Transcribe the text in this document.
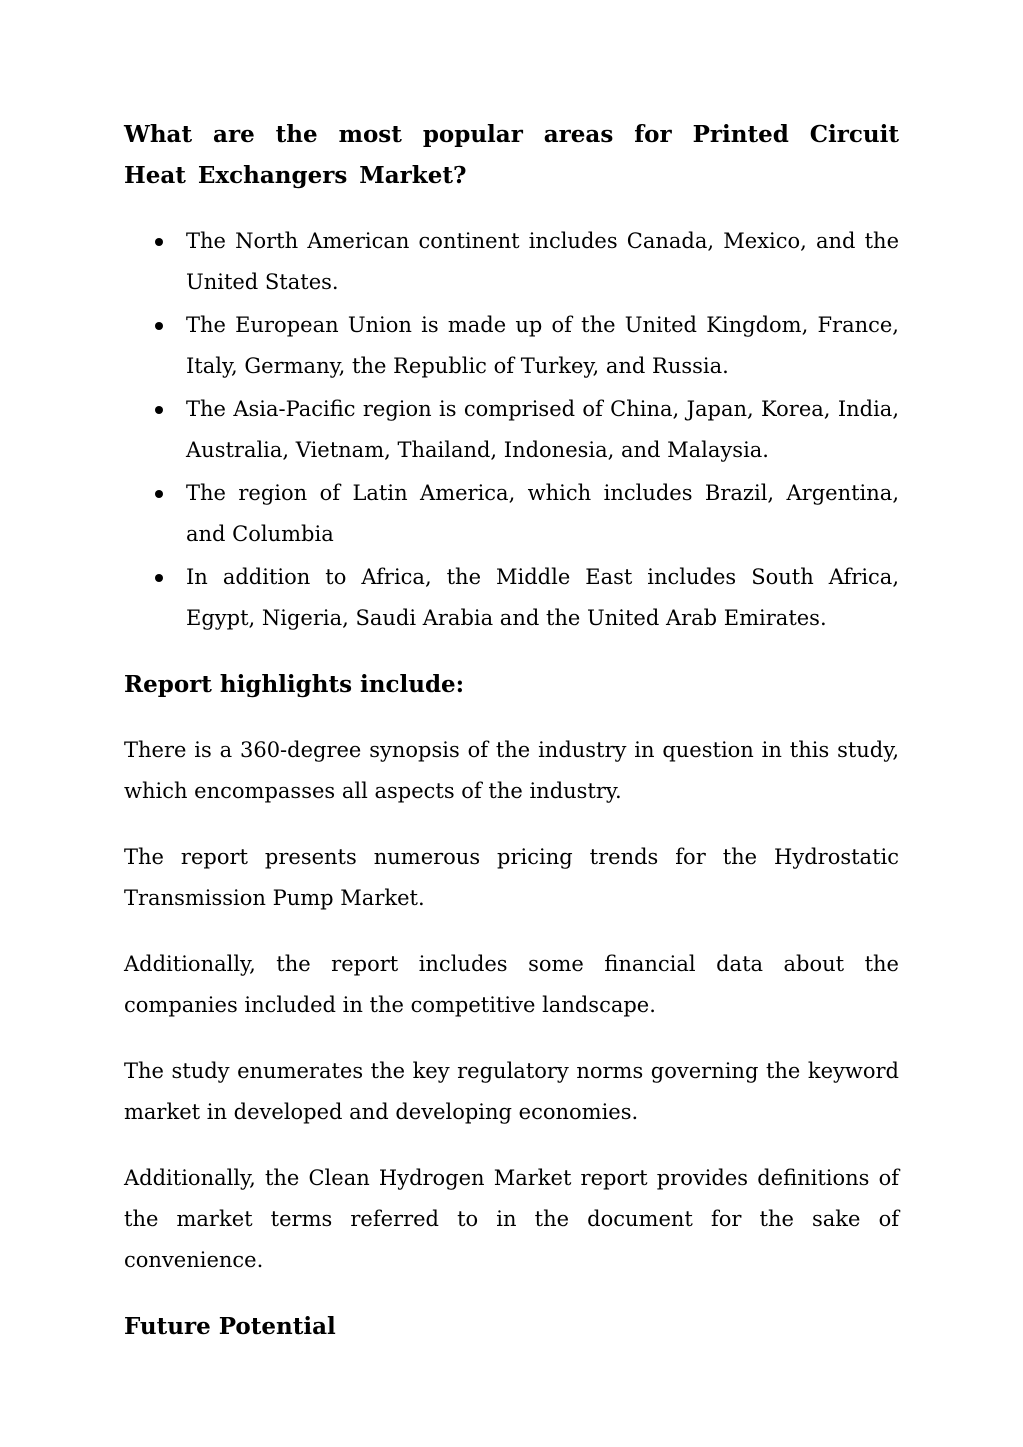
What are the most popular areas for Printed Circuit Heat Exchangers Market?
The North American continent includes Canada, Mexico, and the United States.
The European Union is made up of the United Kingdom, France, Italy, Germany, the Republic of Turkey, and Russia.
The Asia-Pacific region is comprised of China, Japan, Korea, India, Australia, Vietnam, Thailand, Indonesia, and Malaysia.
The region of Latin America, which includes Brazil, Argentina, and Columbia
In addition to Africa, the Middle East includes South Africa, Egypt, Nigeria, Saudi Arabia and the United Arab Emirates.
Report highlights include:

There is a 360-degree synopsis of the industry in question in this study, which encompasses all aspects of the industry.

The report presents numerous pricing trends for the Hydrostatic Transmission Pump Market.

Additionally, the report includes some financial data about the companies included in the competitive landscape.

The study enumerates the key regulatory norms governing the keyword market in developed and developing economies.

Additionally, the Clean Hydrogen Market report provides definitions of the market terms referred to in the document for the sake of convenience.

Future Potential
